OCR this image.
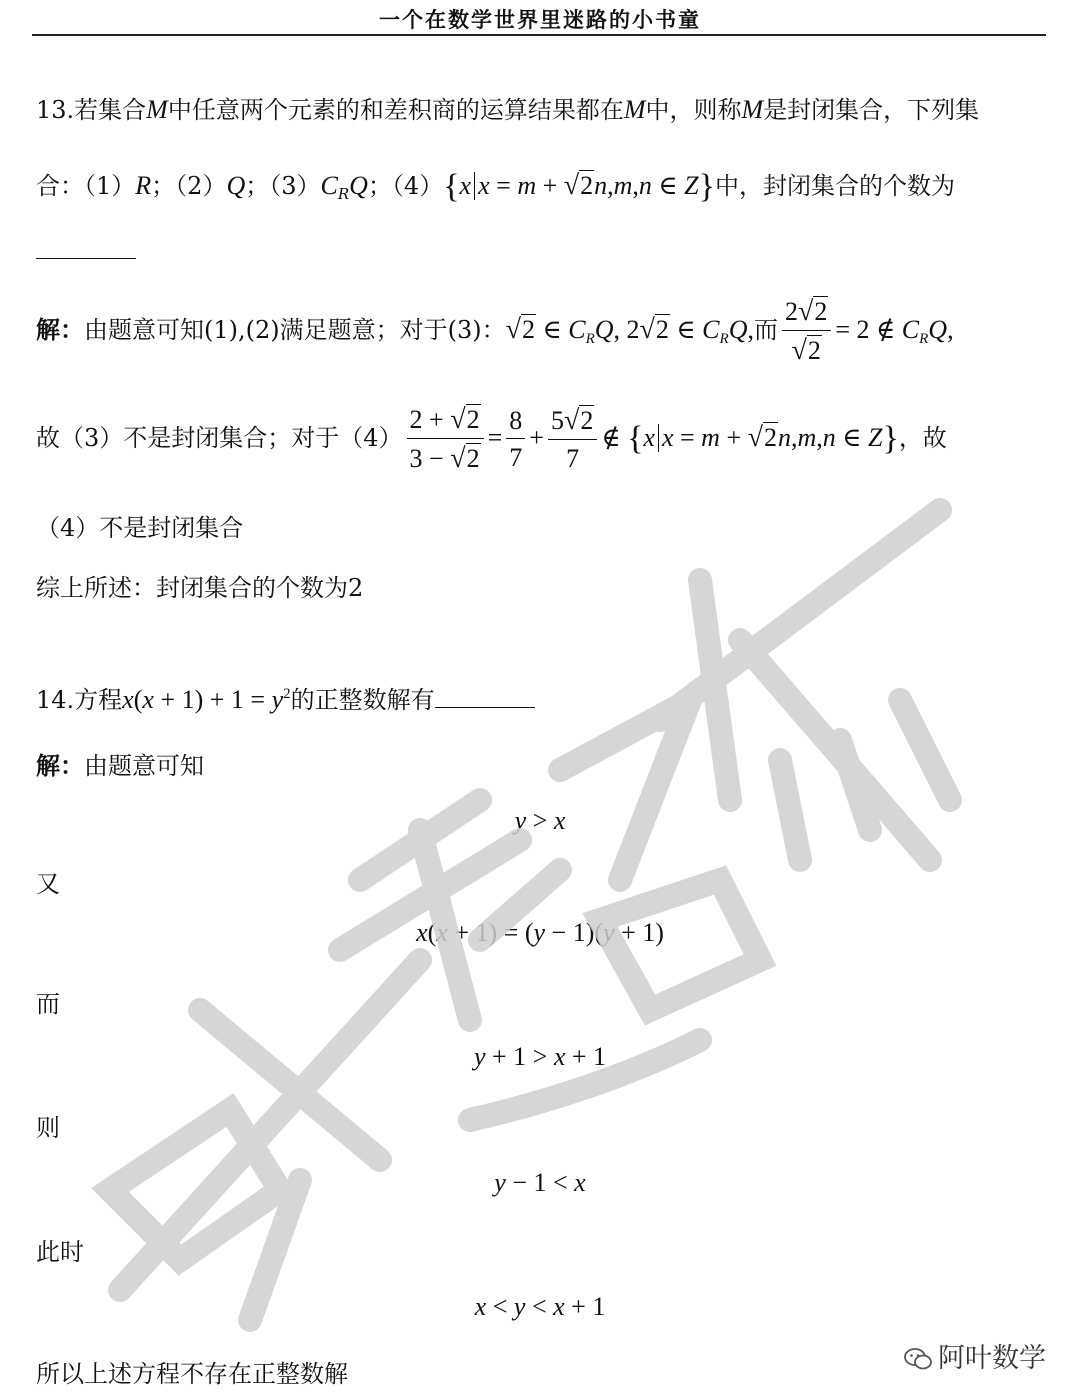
一个在数学世界里迷路的小书童
13.若集合M中任意两个元素的和差积商的运算结果都在M中，则称M是封闭集合，下列集
合：（1）R；（2）Q；$(3)C_RQ$；（4）{x x = m + √2n,m,n ∈ Z}中，封闭集合的个数为
解：由题意可知(1),(2)满足题意；对于(3)：√2 ∈ $C_RQ$, 2√2 ∈ $C_RQ$,而 $\frac{2√2}{√2} = 2$ ∉ $C_RQ$,
故（3）不是封闭集合；对于$(4) \frac{2 + √2}{3 - √2} = \frac{8}{7} + \frac{5√2}{7}$ ∉ {x x = m + √2n,m,n ∈ Z}，故
（4）不是封闭集合
综上所述：封闭集合的个数为2
14.方程$x(x + 1) + 1 = y^2$的正整数解有
解：由题意可知
y > x
又
x(x + 1) = (y − 1)(y + 1)
而
y + 1 > x + 1
则
y − 1 < x
此时
x < y < x + 1
所以上述方程不存在正整数解	阿叶数学
